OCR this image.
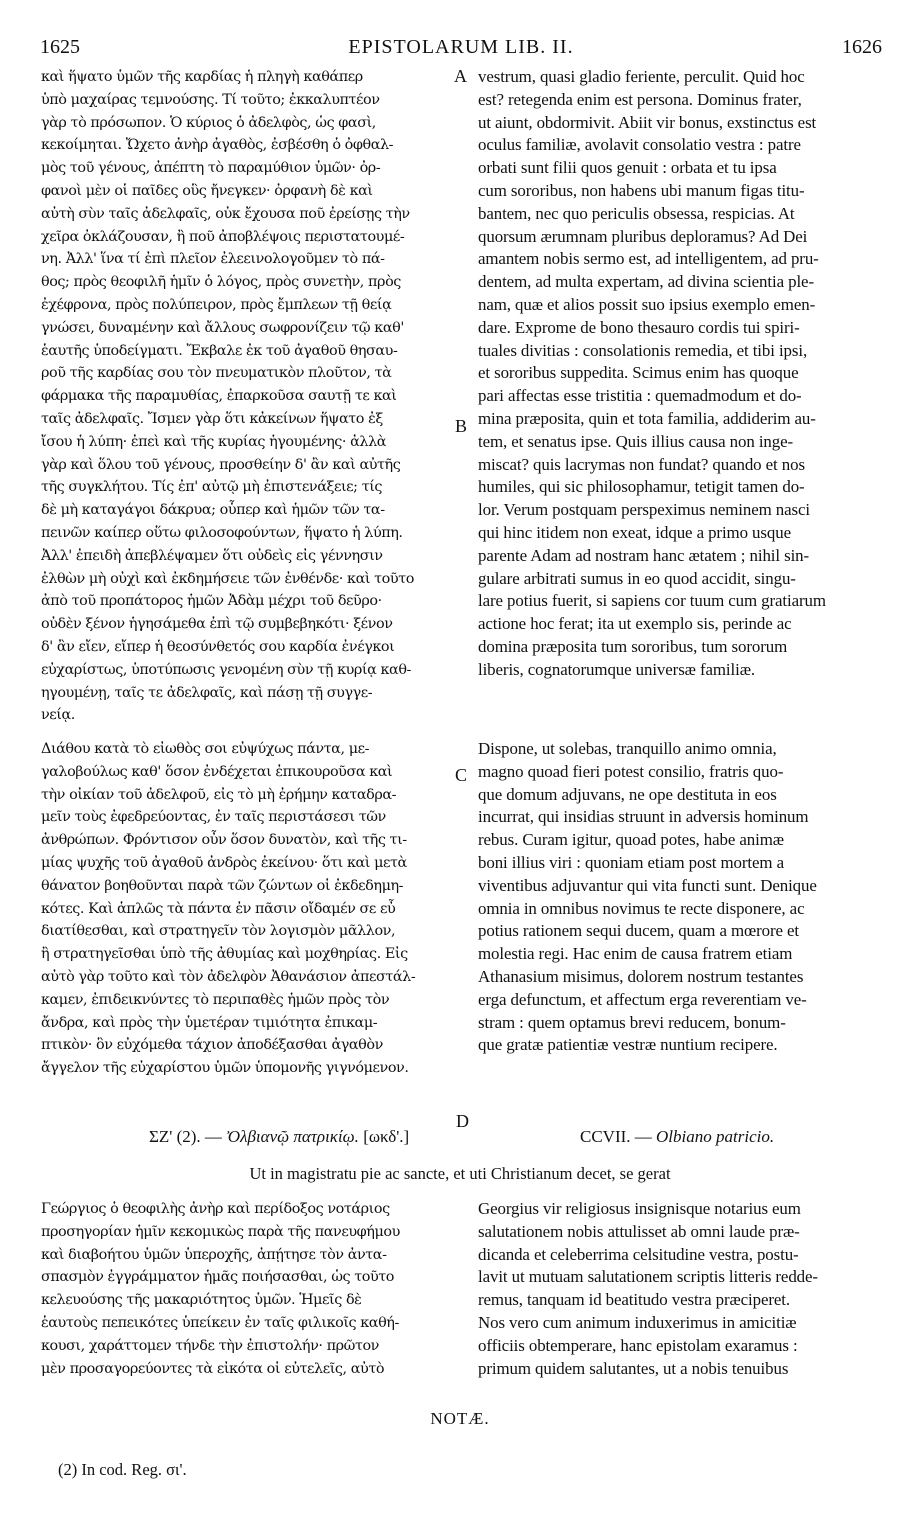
1625	EPISTOLARUM LIB. II.	1626
καὶ ἥψατο ὑμῶν τῆς καρδίας ἡ πληγὴ καθάπερ
ὑπὸ μαχαίρας τεμνούσης. Τί τοῦτο; ἐκκαλυπτέον
γὰρ τὸ πρόσωπον. Ὁ κύριος ὁ ἀδελφὸς, ὡς φασὶ,
κεκοίμηται. Ὤχετο ἀνὴρ ἀγαθὸς, ἐσβέσθη ὁ ὀφθαλ-
μὸς τοῦ γένους, ἀπέπτη τὸ παραμύθιον ὑμῶν· ὀρ-
φανοὶ μὲν οἱ παῖδες οὓς ἤνεγκεν· ὀρφανὴ δὲ καὶ
αὐτὴ σὺν ταῖς ἀδελφαῖς, οὐκ ἔχουσα ποῦ ἐρείσῃς τὴν
χεῖρα ὀκλάζουσαν, ἢ ποῦ ἀποβλέψοις περιστατουμέ-
νη. Ἀλλ' ἵνα τί ἐπὶ πλεῖον ἐλεεινολογοῦμεν τὸ πά-
θος; πρὸς θεοφιλῆ ἡμῖν ὁ λόγος, πρὸς συνετὴν, πρὸς
ἐχέφρονα, πρὸς πολύπειρον, πρὸς ἔμπλεων τῇ θείᾳ
γνώσει, δυναμένην καὶ ἄλλους σωφρονίζειν τῷ καθ'
ἑαυτῆς ὑποδείγματι. Ἔκβαλε ἐκ τοῦ ἀγαθοῦ θησαυ-
ροῦ τῆς καρδίας σου τὸν πνευματικὸν πλοῦτον, τὰ
φάρμακα τῆς παραμυθίας, ἐπαρκοῦσα σαυτῇ τε καὶ
ταῖς ἀδελφαῖς. Ἴσμεν γὰρ ὅτι κἀκείνων ἥψατο ἐξ
ἴσου ἡ λύπη· ἐπεὶ καὶ τῆς κυρίας ἡγουμένης· ἀλλὰ
γὰρ καὶ ὅλου τοῦ γένους, προσθείην δ' ἂν καὶ αὐτῆς
τῆς συγκλήτου. Τίς ἐπ' αὐτῷ μὴ ἐπιστενάξειε; τίς
δὲ μὴ καταγάγοι δάκρυα; οὗπερ καὶ ἡμῶν τῶν τα-
πεινῶν καίπερ οὕτω φιλοσοφούντων, ἥψατο ἡ λύπη.
Ἀλλ' ἐπειδὴ ἀπεβλέψαμεν ὅτι οὐδεὶς εἰς γέννησιν
ἐλθὼν μὴ οὐχὶ καὶ ἐκδημήσειε τῶν ἐνθένδε· καὶ τοῦτο
ἀπὸ τοῦ προπάτορος ἡμῶν Ἀδὰμ μέχρι τοῦ δεῦρο·
οὐδὲν ξένον ἡγησάμεθα ἐπὶ τῷ συμβεβηκότι· ξένον
δ' ἂν εἴεν, εἴπερ ἡ θεοσύνθετός σου καρδία ἐνέγκοι
εὐχαρίστως, ὑποτύπωσις γενομένη σὺν τῇ κυρίᾳ καθ-
ηγουμένῃ, ταῖς τε ἀδελφαῖς, καὶ πάσῃ τῇ συγγε-
νείᾳ.
vestrum, quasi gladio feriente, perculit. Quid hoc
est? retegenda enim est persona. Dominus frater,
ut aiunt, obdormivit. Abiit vir bonus, exstinctus est
oculus familiæ, avolavit consolatio vestra : patre
orbati sunt filii quos genuit : orbata et tu ipsa
cum sororibus, non habens ubi manum figas titu-
bantem, nec quo periculis obsessa, respicias. At
quorsum ærumnam pluribus deploramus? Ad Dei
amantem nobis sermo est, ad intelligentem, ad pru-
dentem, ad multa expertam, ad divina scientia ple-
nam, quæ et alios possit suo ipsius exemplo emen-
dare. Exprome de bono thesauro cordis tui spiri-
tuales divitias : consolationis remedia, et tibi ipsi,
et sororibus suppedita. Scimus enim has quoque
pari affectas esse tristitia : quemadmodum et do-
mina præposita, quin et tota familia, addiderim au-
tem, et senatus ipse. Quis illius causa non inge-
miscat? quis lacrymas non fundat? quando et nos
humiles, qui sic philosophamur, tetigit tamen do-
lor. Verum postquam perspeximus neminem nasci
qui hinc itidem non exeat, idque a primo usque
parente Adam ad nostram hanc ætatem ; nihil sin-
gulare arbitrati sumus in eo quod accidit, singu-
lare potius fuerit, si sapiens cor tuum cum gratiarum
actione hoc ferat; ita ut exemplo sis, perinde ac
domina præposita tum sororibus, tum sororum
liberis, cognatorumque universæ familiæ.
Διάθου κατὰ τὸ εἰωθὸς σοι εὐψύχως πάντα, με-
γαλοβούλως καθ' ὅσον ἐνδέχεται ἐπικουροῦσα καὶ
τὴν οἰκίαν τοῦ ἀδελφοῦ, εἰς τὸ μὴ ἐρήμην καταδρα-
μεῖν τοὺς ἐφεδρεύοντας, ἐν ταῖς περιστάσεσι τῶν
ἀνθρώπων. Φρόντισον οὖν ὅσον δυνατὸν, καὶ τῆς τι-
μίας ψυχῆς τοῦ ἀγαθοῦ ἀνδρὸς ἐκείνου· ὅτι καὶ μετὰ
θάνατον βοηθοῦνται παρὰ τῶν ζώντων οἱ ἐκδεδημη-
κότες. Καὶ ἁπλῶς τὰ πάντα ἐν πᾶσιν οἴδαμέν σε εὖ
διατίθεσθαι, καὶ στρατηγεῖν τὸν λογισμὸν μᾶλλον,
ἢ στρατηγεῖσθαι ὑπὸ τῆς ἀθυμίας καὶ μοχθηρίας. Εἰς
αὐτὸ γὰρ τοῦτο καὶ τὸν ἀδελφὸν Ἀθανάσιον ἀπεστάλ-
καμεν, ἐπιδεικνύντες τὸ περιπαθὲς ἡμῶν πρὸς τὸν
ἄνδρα, καὶ πρὸς τὴν ὑμετέραν τιμιότητα ἐπικαμ-
πτικὸν· ὃν εὐχόμεθα τάχιον ἀποδέξασθαι ἀγαθὸν
ἄγγελον τῆς εὐχαρίστου ὑμῶν ὑπομονῆς γιγνόμενον.
Dispone, ut solebas, tranquillo animo omnia,
magno quoad fieri potest consilio, fratris quo-
que domum adjuvans, ne ope destituta in eos
incurrat, qui insidias struunt in adversis hominum
rebus. Curam igitur, quoad potes, habe animæ
boni illius viri : quoniam etiam post mortem a
viventibus adjuvantur qui vita functi sunt. Denique
omnia in omnibus novimus te recte disponere, ac
potius rationem sequi ducem, quam a mœrore et
molestia regi. Hac enim de causa fratrem etiam
Athanasium misimus, dolorem nostrum testantes
erga defunctum, et affectum erga reverentiam ve-
stram : quem optamus brevi reducem, bonum-
que gratæ patientiæ vestræ nuntium recipere.
A
B
C
D
ΣΖ' (2). — Ὀλβιανῷ πατρικίῳ. [ωκδ'.]	CCVII. — Olbiano patricio.
Ut in magistratu pie ac sancte, et uti Christianum decet, se gerat
Γεώργιος ὁ θεοφιλὴς ἀνὴρ καὶ περίδοξος νοτάριος
προσηγορίαν ἡμῖν κεκομικὼς παρὰ τῆς πανευφήμου
καὶ διαβοήτου ὑμῶν ὑπεροχῆς, ἀπῄτησε τὸν ἀντα-
σπασμὸν ἐγγράμματον ἡμᾶς ποιήσασθαι, ὡς τοῦτο
κελευούσης τῆς μακαριότητος ὑμῶν. Ἡμεῖς δὲ
ἑαυτοὺς πεπεικότες ὑπείκειν ἐν ταῖς φιλικοῖς καθή-
κουσι, χαράττομεν τήνδε τὴν ἐπιστολήν· πρῶτον
μὲν προσαγορεύοντες τὰ εἰκότα οἱ εὐτελεῖς, αὐτὸ
Georgius vir religiosus insignisque notarius eum
salutationem nobis attulisset ab omni laude præ-
dicanda et celeberrima celsitudine vestra, postu-
lavit ut mutuam salutationem scriptis litteris redde-
remus, tanquam id beatitudo vestra præciperet.
Nos vero cum animum induxerimus in amicitiæ
officiis obtemperare, hanc epistolam exaramus :
primum quidem salutantes, ut a nobis tenuibus
NOTÆ.
(2) In cod. Reg. σι'.
